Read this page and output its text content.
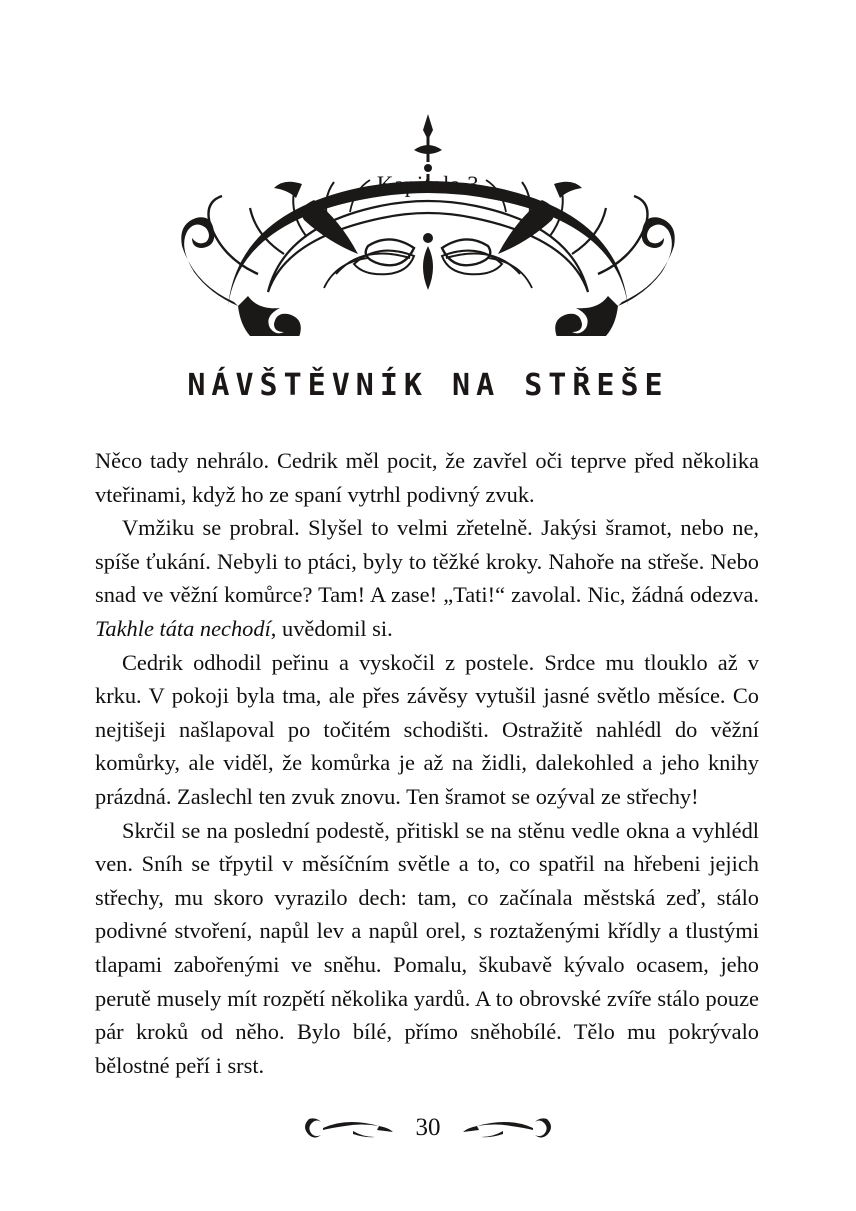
Kapitola 3
NÁVŠTĚVNÍK NA STŘEŠE

Něco tady nehrálo. Cedrik měl pocit, že zavřel oči teprve před několika vteřinami, když ho ze spaní vytrhl podivný zvuk.

Vmžiku se probral. Slyšel to velmi zřetelně. Jakýsi šramot, nebo ne, spíše ťukání. Nebyli to ptáci, byly to těžké kroky. Nahoře na střeše. Nebo snad ve věžní komůrce? Tam! A zase! „Tati!“ zavolal. Nic, žádná odezva. Takhle táta nechodí, uvědomil si.

Cedrik odhodil peřinu a vyskočil z postele. Srdce mu tlouklo až v krku. V pokoji byla tma, ale přes závěsy vytušil jasné světlo měsíce. Co nejtišeji našlapoval po točitém schodišti. Ostražitě nahlédl do věžní komůrky, ale viděl, že komůrka je až na židli, dalekohled a jeho knihy prázdná. Zaslechl ten zvuk znovu. Ten šramot se ozýval ze střechy!

Skrčil se na poslední podestě, přitiskl se na stěnu vedle okna a vyhlédl ven. Sníh se třpytil v měsíčním světle a to, co spatřil na hřebeni jejich střechy, mu skoro vyrazilo dech: tam, co začínala městská zeď, stálo podivné stvoření, napůl lev a napůl orel, s roztaženými křídly a tlustými tlapami zabořenými ve sněhu. Pomalu, škubavě kývalo ocasem, jeho perutě musely mít rozpětí několika yardů. A to obrovské zvíře stálo pouze pár kroků od něho. Bylo bílé, přímo sněhobílé. Tělo mu pokrývalo bělostné peří i srst.

30
